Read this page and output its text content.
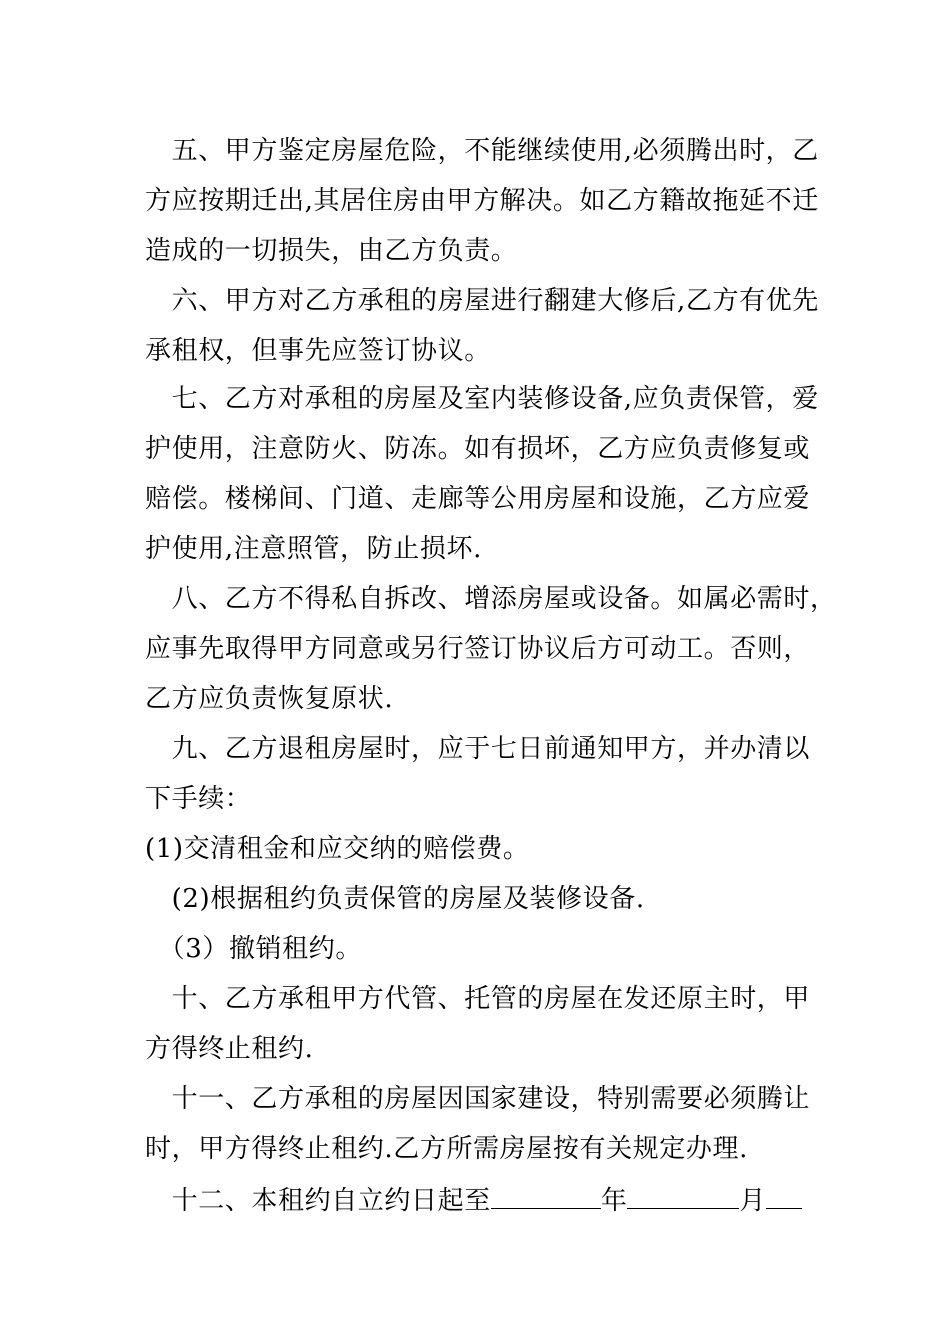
　五、甲方鉴定房屋危险，不能继续使用,必须腾出时，乙
方应按期迁出,其居住房由甲方解决。如乙方籍故拖延不迁
造成的一切损失，由乙方负责。
　六、甲方对乙方承租的房屋进行翻建大修后,乙方有优先
承租权，但事先应签订协议。
　七、乙方对承租的房屋及室内装修设备,应负责保管，爱
护使用，注意防火、防冻。如有损坏，乙方应负责修复或
赔偿。楼梯间、门道、走廊等公用房屋和设施，乙方应爱
护使用,注意照管，防止损坏.
　八、乙方不得私自拆改、增添房屋或设备。如属必需时，
应事先取得甲方同意或另行签订协议后方可动工。否则，
乙方应负责恢复原状.
　九、乙方退租房屋时，应于七日前通知甲方，并办清以
下手续：
(1)交清租金和应交纳的赔偿费。
　(2)根据租约负责保管的房屋及装修设备.
　（3）撤销租约。
　十、乙方承租甲方代管、托管的房屋在发还原主时，甲
方得终止租约.
　十一、乙方承租的房屋因国家建设，特别需要必须腾让
时，甲方得终止租约.乙方所需房屋按有关规定办理.
　十二、本租约自立约日起至	年	月
